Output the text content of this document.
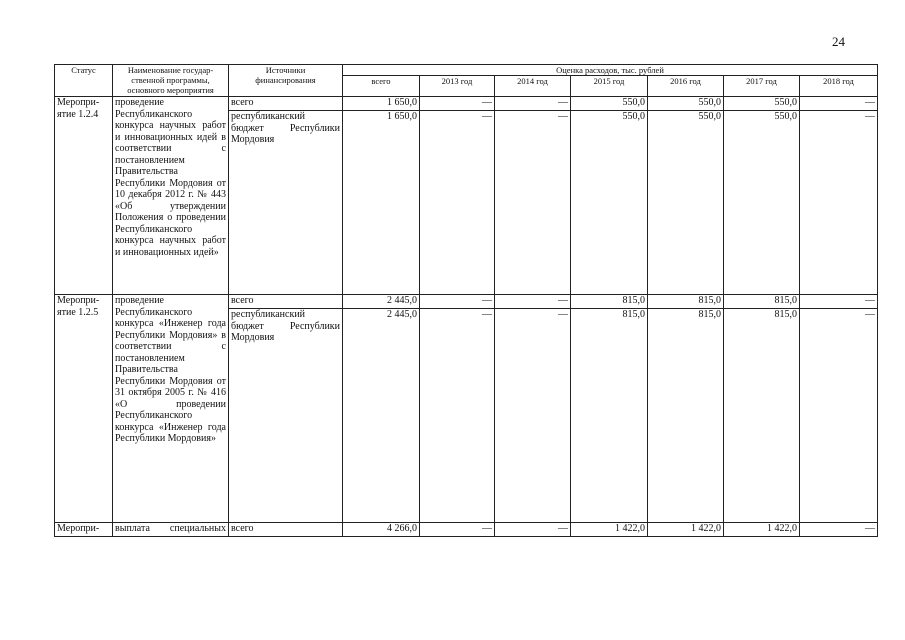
24
Статус	Наименование государ-
ственной программы,
основного мероприятия	Источники
финансирования	Оценка расходов, тыс. рублей						
			всего	2013 год	2014 год	2015 год	2016 год	2017 год	2018 год
Меропри-ятие 1.2.4	проведение Республиканского конкурса научных работ и инновационных идей в соответствии с постановлением Правительства Республики Мордовия от 10 декабря 2012 г. № 443 «Об утверждении Положения о проведении Республиканского конкурса научных работ и инновационных идей»	всего	1 650,0	—	—	550,0	550,0	550,0	—
		республиканский бюджет Республики Мордовия	1 650,0	—	—	550,0	550,0	550,0	—
Меропри-ятие 1.2.5	проведение Республиканского конкурса «Инженер года Республики Мордовия» в соответствии с постановлением Правительства Республики Мордовия от 31 октября 2005 г. № 416 «О проведении Республиканского конкурса «Инженер года Республики Мордовия»	всего	2 445,0	—	—	815,0	815,0	815,0	—
		республиканский бюджет Республики Мордовия	2 445,0	—	—	815,0	815,0	815,0	—
Меропри-	выплата специальных	всего	4 266,0	—	—	1 422,0	1 422,0	1 422,0	—
